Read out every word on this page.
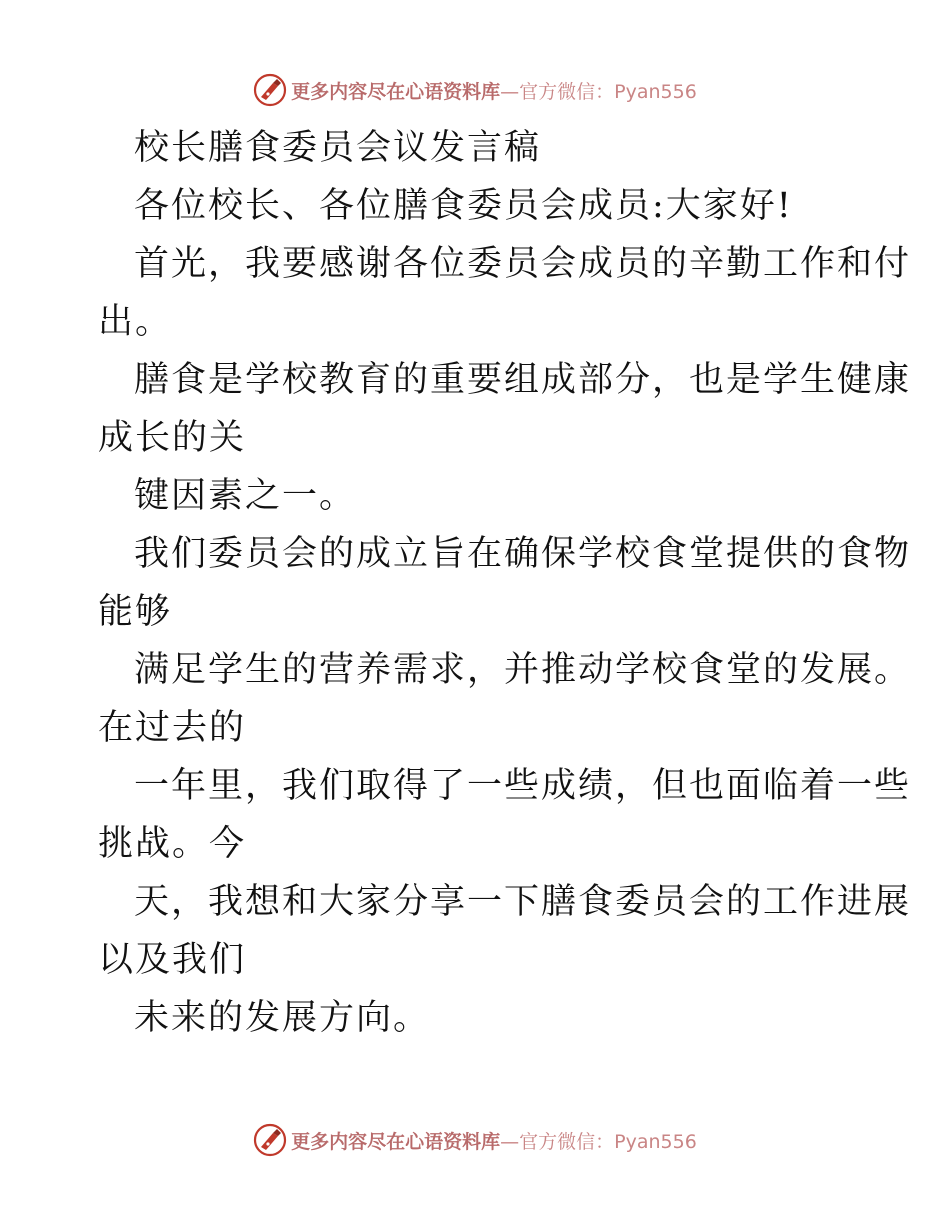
更多内容尽在心语资料库—官方微信：Pyan556
校长膳食委员会议发言稿
各位校长、各位膳食委员会成员:大家好!
首光，我要感谢各位委员会成员的辛勤工作和付
出。
膳食是学校教育的重要组成部分，也是学生健康
成长的关
键因素之一。
我们委员会的成立旨在确保学校食堂提供的食物
能够
满足学生的营养需求，并推动学校食堂的发展。
在过去的
一年里，我们取得了一些成绩，但也面临着一些
挑战。今
天，我想和大家分享一下膳食委员会的工作进展
以及我们
未来的发展方向。
更多内容尽在心语资料库—官方微信：Pyan556
